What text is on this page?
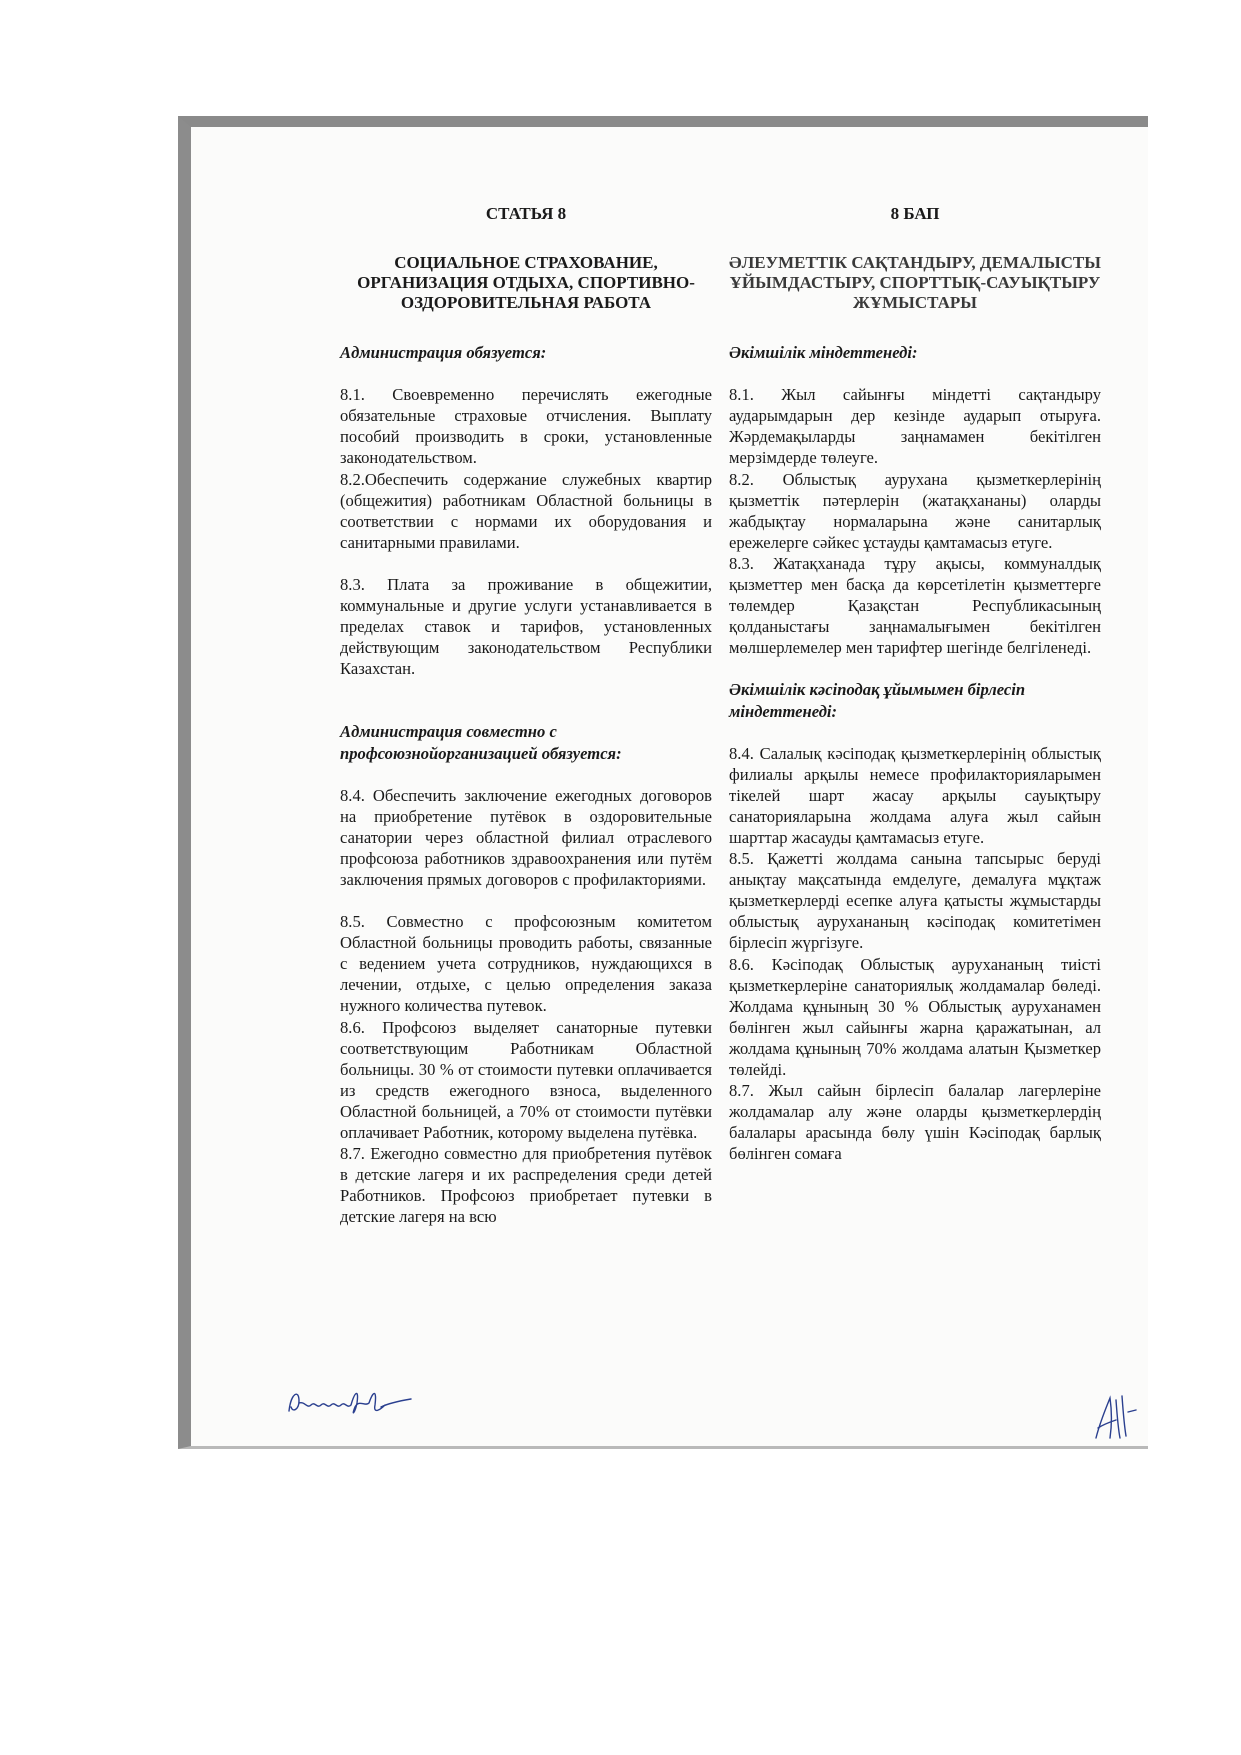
СТАТЬЯ 8
СОЦИАЛЬНОЕ СТРАХОВАНИЕ, ОРГАНИЗАЦИЯ ОТДЫХА, СПОРТИВНО-ОЗДОРОВИТЕЛЬНАЯ РАБОТА
Администрация обязуется:
8.1. Своевременно перечислять ежегодные обязательные страховые отчисления. Выплату пособий производить в сроки, установленные законодательством.
8.2.Обеспечить содержание служебных квартир (общежития) работникам Областной больницы в соответствии с нормами их оборудования и санитарными правилами.
8.3. Плата за проживание в общежитии, коммунальные и другие услуги устанавливается в пределах ставок и тарифов, установленных действующим законодательством Республики Казахстан.
Администрация совместно с профсоюзнойорганизацией обязуется:
8.4. Обеспечить заключение ежегодных договоров на приобретение путёвок в оздоровительные санатории через областной филиал отраслевого профсоюза работников здравоохранения или путём заключения прямых договоров с профилакториями.
8.5. Совместно с профсоюзным комитетом Областной больницы проводить работы, связанные с ведением учета сотрудников, нуждающихся в лечении, отдыхе, с целью определения заказа нужного количества путевок.
8.6. Профсоюз выделяет санаторные путевки соответствующим Работникам Областной больницы. 30 % от стоимости путевки оплачивается из средств ежегодного взноса, выделенного Областной больницей, а 70% от стоимости путёвки оплачивает Работник, которому выделена путёвка.
8.7. Ежегодно совместно для приобретения путёвок в детские лагеря и их распределения среди детей Работников. Профсоюз приобретает путевки в детские лагеря на всю
8 БАП
ӘЛЕУМЕТТІК САҚТАНДЫРУ, ДЕМАЛЫСТЫ ҰЙЫМДАСТЫРУ, СПОРТТЫҚ-САУЫҚТЫРУ ЖҰМЫСТАРЫ
Әкімшілік міндеттенеді:
8.1. Жыл сайынғы міндетті сақтандыру аударымдарын дер кезінде аударып отыруға. Жәрдемақыларды заңнамамен бекітілген мерзімдерде төлеуге.
8.2. Облыстық аурухана қызметкерлерінің қызметтік пәтерлерін (жатақхананы) оларды жабдықтау нормаларына және санитарлық ережелерге сәйкес ұстауды қамтамасыз етуге.
8.3. Жатақханада тұру ақысы, коммуналдық қызметтер мен басқа да көрсетілетін қызметтерге төлемдер Қазақстан Республикасының қолданыстағы заңнамалығымен бекітілген мөлшерлемелер мен тарифтер шегінде белгіленеді.
Әкімшілік кәсіподақ ұйымымен бірлесіп міндеттенеді:
8.4. Салалық кәсіподақ қызметкерлерінің облыстық филиалы арқылы немесе профилакторияларымен тікелей шарт жасау арқылы сауықтыру санаторияларына жолдама алуға жыл сайын шарттар жасауды қамтамасыз етуге.
8.5. Қажетті жолдама санына тапсырыс беруді анықтау мақсатында емделуге, демалуға мұқтаж қызметкерлерді есепке алуға қатысты жұмыстарды облыстық аурухананың кәсіподақ комитетімен бірлесіп жүргізуге.
8.6. Кәсіподақ Облыстық аурухананың тиісті қызметкерлеріне санаториялық жолдамалар бөледі. Жолдама құнының 30 % Облыстық ауруханамен бөлінген жыл сайынғы жарна қаражатынан, ал жолдама құнының 70% жолдама алатын Қызметкер төлейді.
8.7. Жыл сайын бірлесіп балалар лагерлеріне жолдамалар алу және оларды қызметкерлердің балалары арасында бөлу үшін Кәсіподақ барлық бөлінген сомаға
